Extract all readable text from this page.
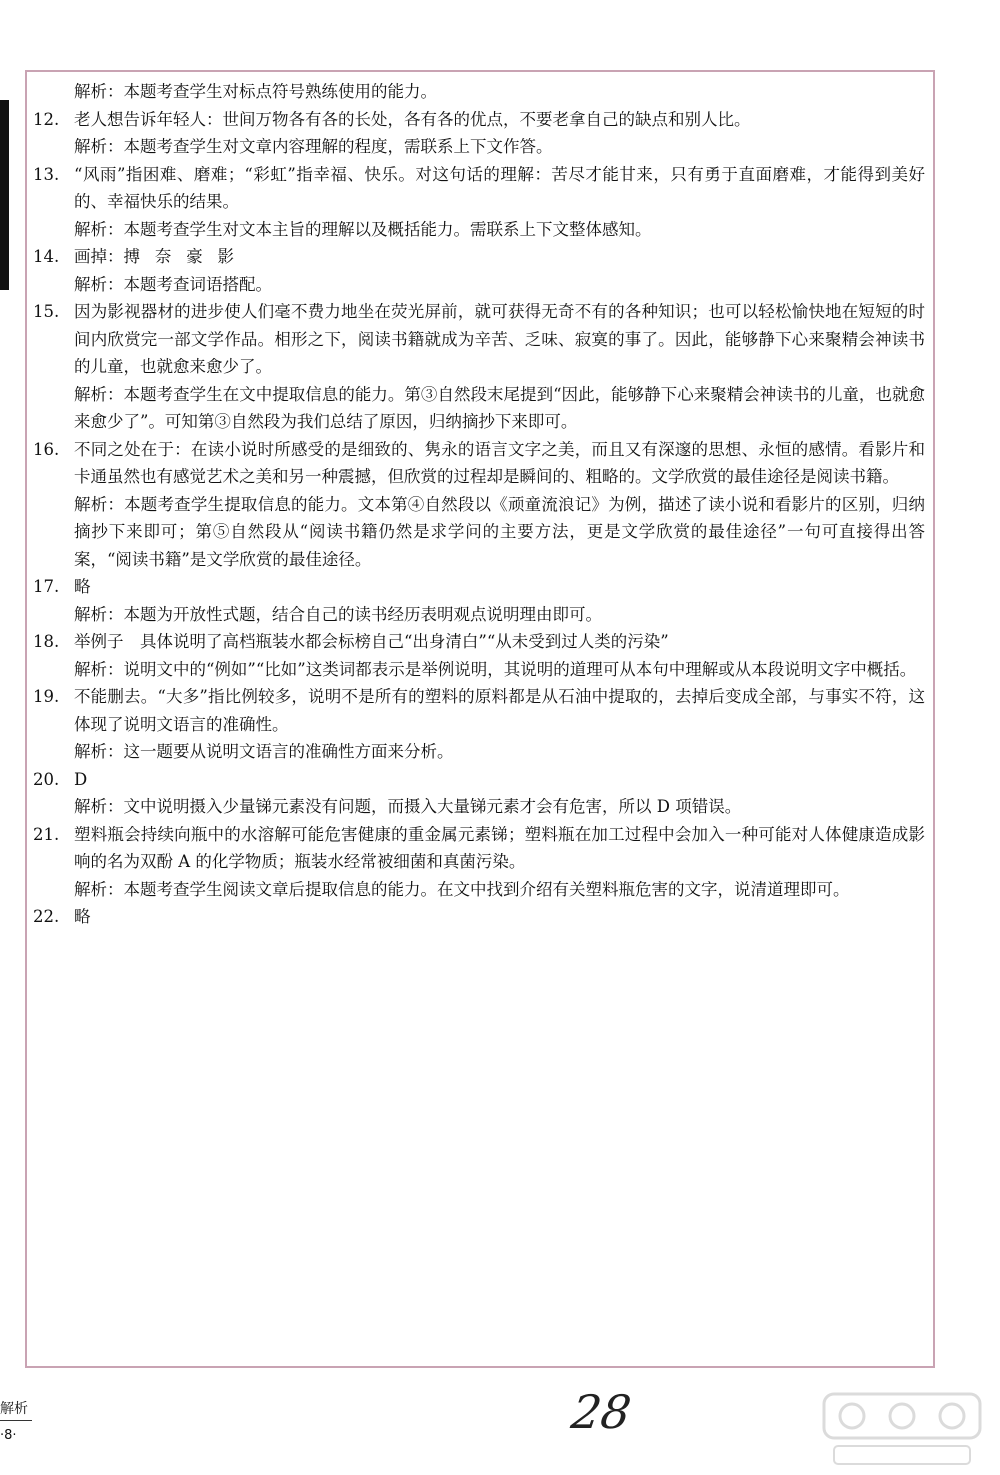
解析：本题考查学生对标点符号熟练使用的能力。
12. 老人想告诉年轻人：世间万物各有各的长处，各有各的优点，不要老拿自己的缺点和别人比。
解析：本题考查学生对文章内容理解的程度，需联系上下文作答。
13. “风雨”指困难、磨难；“彩虹”指幸福、快乐。对这句话的理解：苦尽才能甘来，只有勇于直面磨难，才能得到美好的、幸福快乐的结果。
解析：本题考查学生对文本主旨的理解以及概括能力。需联系上下文整体感知。
14. 画掉：搏奈豪影
解析：本题考查词语搭配。
15. 因为影视器材的进步使人们毫不费力地坐在荧光屏前，就可获得无奇不有的各种知识；也可以轻松愉快地在短短的时间内欣赏完一部文学作品。相形之下，阅读书籍就成为辛苦、乏味、寂寞的事了。因此，能够静下心来聚精会神读书的儿童，也就愈来愈少了。
解析：本题考查学生在文中提取信息的能力。第③自然段末尾提到“因此，能够静下心来聚精会神读书的儿童，也就愈来愈少了”。可知第③自然段为我们总结了原因，归纳摘抄下来即可。
16. 不同之处在于：在读小说时所感受的是细致的、隽永的语言文字之美，而且又有深邃的思想、永恒的感情。看影片和卡通虽然也有感觉艺术之美和另一种震撼，但欣赏的过程却是瞬间的、粗略的。文学欣赏的最佳途径是阅读书籍。
解析：本题考查学生提取信息的能力。文本第④自然段以《顽童流浪记》为例，描述了读小说和看影片的区别，归纳摘抄下来即可；第⑤自然段从“阅读书籍仍然是求学问的主要方法，更是文学欣赏的最佳途径”一句可直接得出答案，“阅读书籍”是文学欣赏的最佳途径。
17. 略
解析：本题为开放性式题，结合自己的读书经历表明观点说明理由即可。
18. 举例子　具体说明了高档瓶装水都会标榜自己“出身清白”“从未受到过人类的污染”
解析：说明文中的“例如”“比如”这类词都表示是举例说明，其说明的道理可从本句中理解或从本段说明文字中概括。
19. 不能删去。“大多”指比例较多，说明不是所有的塑料的原料都是从石油中提取的，去掉后变成全部，与事实不符，这体现了说明文语言的准确性。
解析：这一题要从说明文语言的准确性方面来分析。
20. D
解析：文中说明摄入少量锑元素没有问题，而摄入大量锑元素才会有危害，所以 D 项错误。
21. 塑料瓶会持续向瓶中的水溶解可能危害健康的重金属元素锑；塑料瓶在加工过程中会加入一种可能对人体健康造成影响的名为双酚 A 的化学物质；瓶装水经常被细菌和真菌污染。
解析：本题考查学生阅读文章后提取信息的能力。在文中找到介绍有关塑料瓶危害的文字，说清道理即可。
22. 略
解析
·8·	28
